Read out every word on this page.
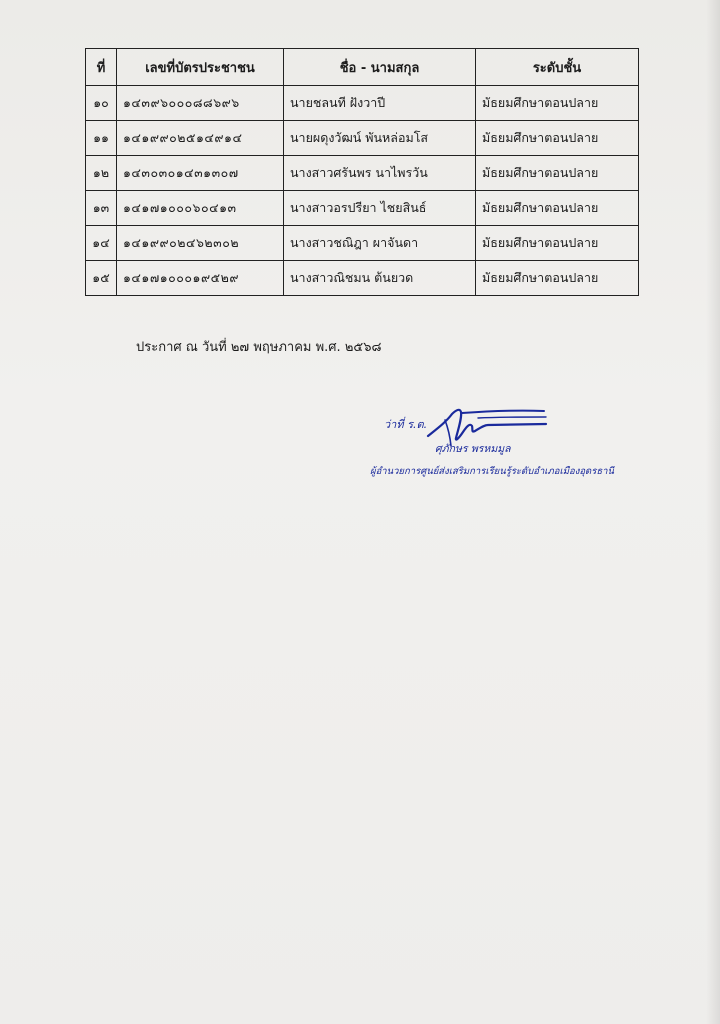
ที่	เลขที่บัตรประชาชน	ชื่อ - นามสกุล	ระดับชั้น
๑๐	๑๔๓๙๖๐๐๐๘๘๖๙๖	นายชลนที ฝังวาปี	มัธยมศึกษาตอนปลาย
๑๑	๑๔๑๙๙๐๒๕๑๔๙๑๔	นายผดุงวัฒน์ พันหล่อมโส	มัธยมศึกษาตอนปลาย
๑๒	๑๔๓๐๓๐๑๔๓๑๓๐๗	นางสาวศรันพร นาไพรวัน	มัธยมศึกษาตอนปลาย
๑๓	๑๔๑๗๑๐๐๐๖๐๔๑๓	นางสาวอรปรียา ไชยสินธ์	มัธยมศึกษาตอนปลาย
๑๔	๑๔๑๙๙๐๒๔๖๒๓๐๒	นางสาวชณิฎา ผาจันดา	มัธยมศึกษาตอนปลาย
๑๕	๑๔๑๗๑๐๐๐๑๙๕๒๙	นางสาวณิชมน ต้นยวด	มัธยมศึกษาตอนปลาย
ประกาศ ณ วันที่ ๒๗ พฤษภาคม พ.ศ. ๒๕๖๘
ว่าที่ ร.ต.
ศุภักษร พรหมมูล
ผู้อำนวยการศูนย์ส่งเสริมการเรียนรู้ระดับอำเภอเมืองอุดรธานี
